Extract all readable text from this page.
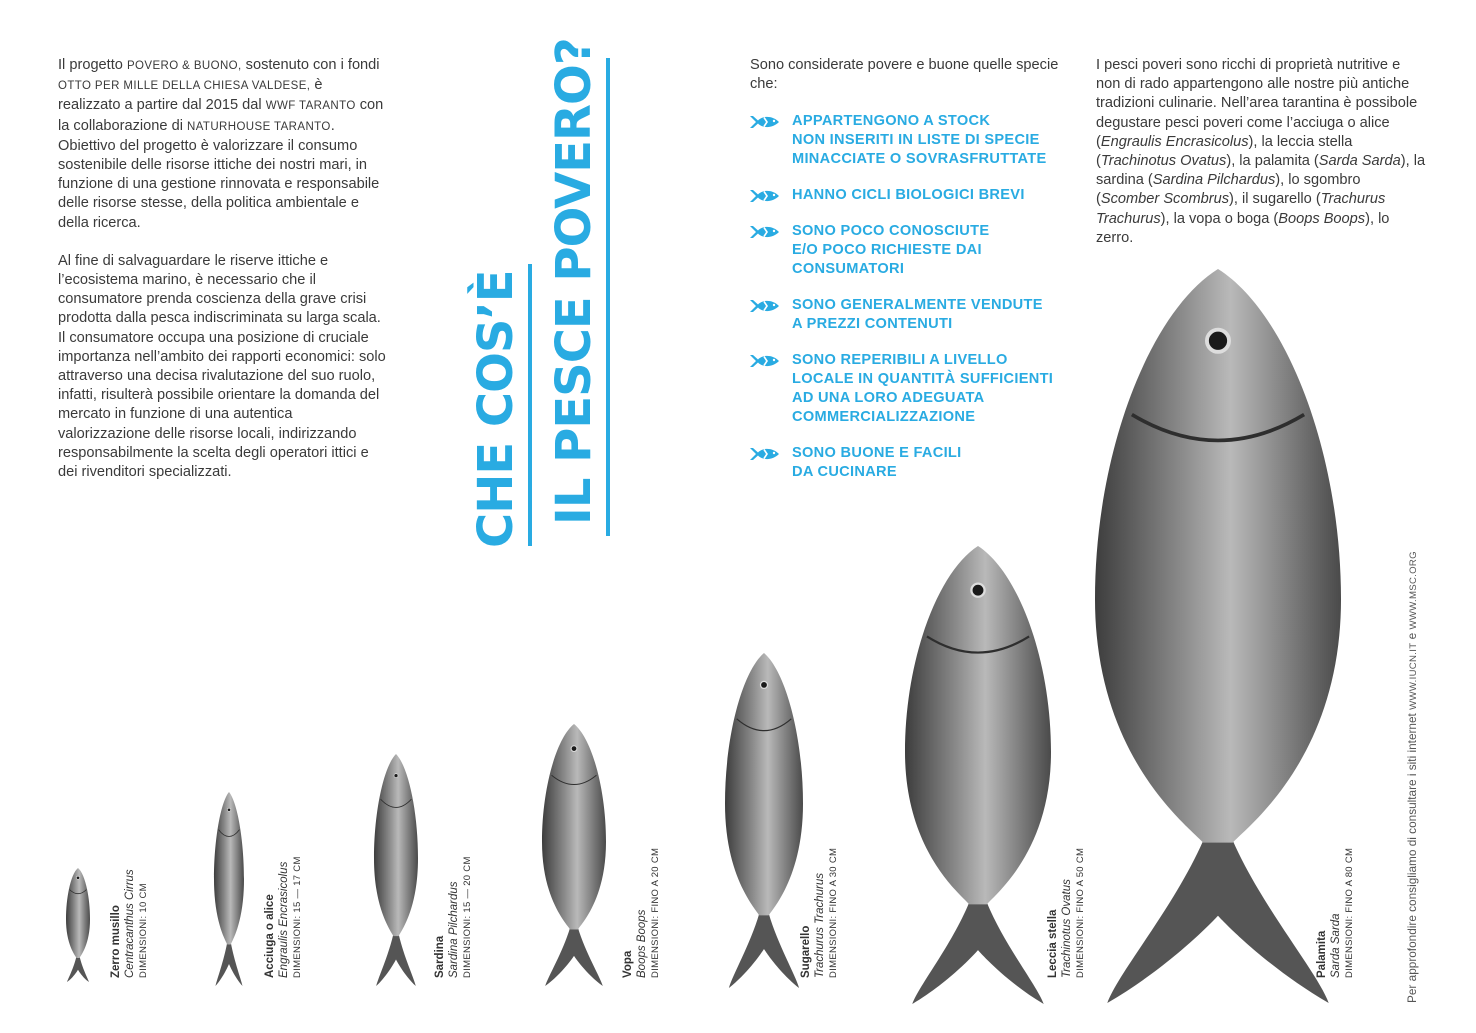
Il progetto POVERO & BUONO, sostenuto con i fondi OTTO PER MILLE DELLA CHIESA VALDESE, è realizzato a partire dal 2015 dal WWF TARANTO con la collaborazione di NATURHOUSE TARANTO. Obiettivo del progetto è valorizzare il consumo sostenibile delle risorse ittiche dei nostri mari, in funzione di una gestione rinnovata e responsabile delle risorse stesse, della politica ambientale e della ricerca.

Al fine di salvaguardare le riserve ittiche e l’ecosistema marino, è necessario che il consumatore prenda coscienza della grave crisi prodotta dalla pesca indiscriminata su larga scala.

Il consumatore occupa una posizione di cruciale importanza nell’ambito dei rapporti economici: solo attraverso una decisa rivalutazione del suo ruolo, infatti, risulterà possibile orientare la domanda del mercato in funzione di una autentica valorizzazione delle risorse locali, indirizzando responsabilmente la scelta degli operatori ittici e dei rivenditori specializzati.	CHE COS’È IL PESCE POVERO?	Sono considerate povere e buone quelle specie che:
APPARTENGONO A STOCK
NON INSERITI IN LISTE DI SPECIE
MINACCIATE O SOVRASFRUTTATE
HANNO CICLI BIOLOGICI BREVI
SONO POCO CONOSCIUTE
E/O POCO RICHIESTE DAI
CONSUMATORI
SONO GENERALMENTE VENDUTE
A PREZZI CONTENUTI
SONO REPERIBILI A LIVELLO
LOCALE IN QUANTITÀ SUFFICIENTI
AD UNA LORO ADEGUATA
COMMERCIALIZZAZIONE
SONO BUONE E FACILI
DA CUCINARE

I pesci poveri sono ricchi di proprietà nutritive e non di rado appartengono alle nostre più antiche tradizioni culinarie. Nell’area tarantina è possibole degustare pesci poveri come l’acciuga o alice (Engraulis Encrasicolus), la leccia stella (Trachinotus Ovatus), la palamita (Sarda Sarda), la sardina (Sardina Pilchardus), lo sgombro (Scomber Scombrus), il sugarello (Trachurus Trachurus), la vopa o boga (Boops Boops), lo zerro.

Zerro musillo Centracanthus Cirrus DIMENSIONI: 10 CM	Acciuga o alice Engraulis Encrasicolus DIMENSIONI: 15 — 17 CM	Sardina Sardina Pilchardus DIMENSIONI: 15 — 20 CM	Vopa Boops Boops DIMENSIONI: FINO A 20 CM	Sugarello Trachurus Trachurus DIMENSIONI: FINO A 30 CM	Leccia stella Trachinotus Ovatus DIMENSIONI: FINO A 50 CM	Palamita Sarda Sarda DIMENSIONI: FINO A 80 CM	Per approfondire consigliamo di consultare i siti internet WWW.IUCN.IT e WWW.MSC.ORG
